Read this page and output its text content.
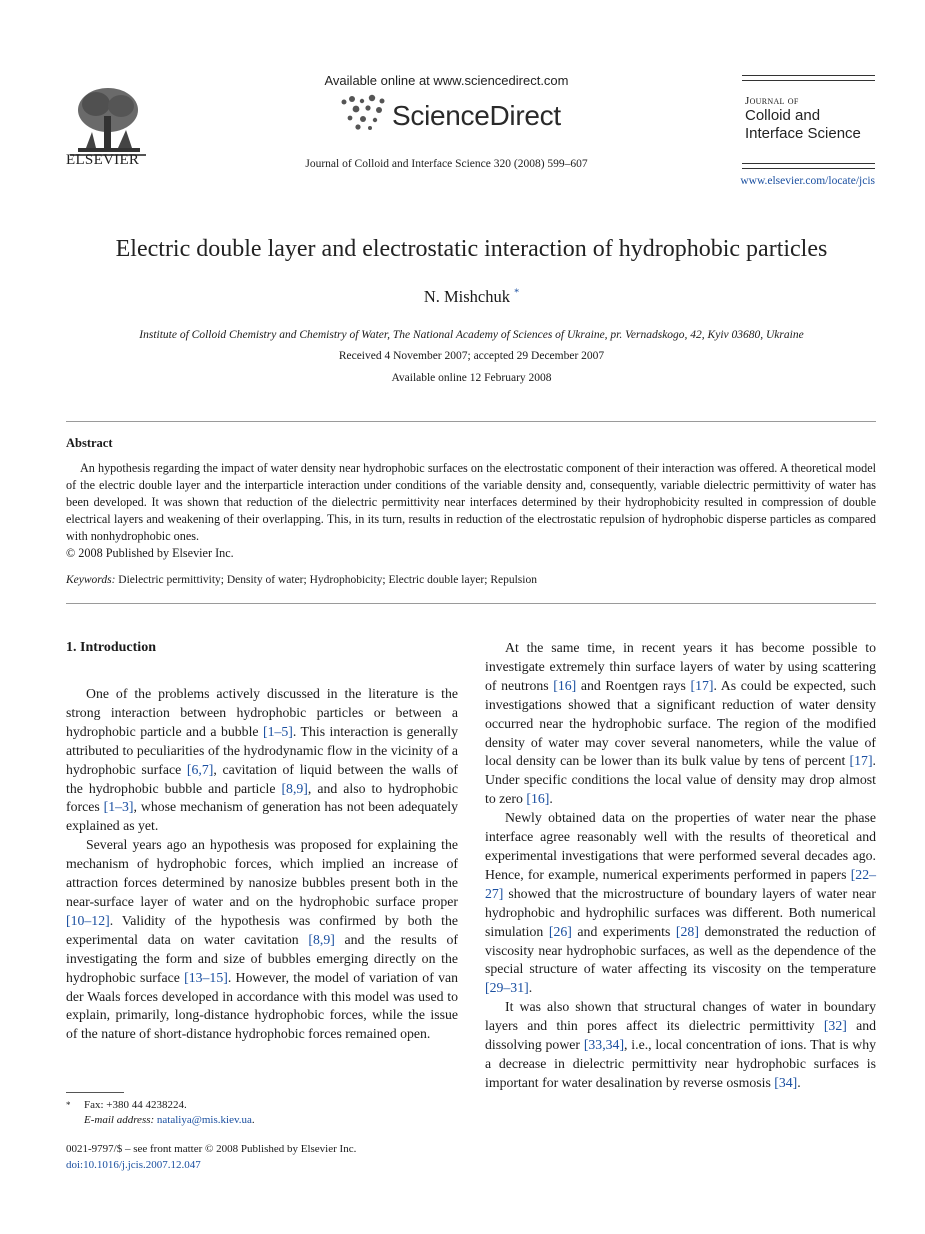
ELSEVIER
Available online at www.sciencedirect.com
ScienceDirect
Journal of Colloid and Interface Science 320 (2008) 599–607
Journal of
Colloid and
Interface Science
www.elsevier.com/locate/jcis
Electric double layer and electrostatic interaction of hydrophobic particles
N. Mishchuk *
Institute of Colloid Chemistry and Chemistry of Water, The National Academy of Sciences of Ukraine, pr. Vernadskogo, 42, Kyiv 03680, Ukraine
Received 4 November 2007; accepted 29 December 2007
Available online 12 February 2008
Abstract

An hypothesis regarding the impact of water density near hydrophobic surfaces on the electrostatic component of their interaction was offered. A theoretical model of the electric double layer and the interparticle interaction under conditions of the variable density and, consequently, variable dielectric permittivity of water has been developed. It was shown that reduction of the dielectric permittivity near interfaces determined by their hydrophobicity resulted in compression of double electrical layers and weakening of their overlapping. This, in its turn, results in reduction of the electrostatic repulsion of hydrophobic disperse particles as compared with nonhydrophobic ones.

© 2008 Published by Elsevier Inc.
Keywords: Dielectric permittivity; Density of water; Hydrophobicity; Electric double layer; Repulsion
1. Introduction

One of the problems actively discussed in the literature is the strong interaction between hydrophobic particles or between a hydrophobic particle and a bubble [1–5]. This interaction is generally attributed to peculiarities of the hydrodynamic flow in the vicinity of a hydrophobic surface [6,7], cavitation of liquid between the walls of the hydrophobic bubble and particle [8,9], and also to hydrophobic forces [1–3], whose mechanism of generation has not been adequately explained as yet.

Several years ago an hypothesis was proposed for explaining the mechanism of hydrophobic forces, which implied an increase of attraction forces determined by nanosize bubbles present both in the near-surface layer of water and on the hydrophobic surface proper [10–12]. Validity of the hypothesis was confirmed by both the experimental data on water cavitation [8,9] and the results of investigating the form and size of bubbles emerging directly on the hydrophobic surface [13–15]. However, the model of variation of van der Waals forces developed in accordance with this model was used to explain, primarily, long-distance hydrophobic forces, while the issue of the nature of short-distance hydrophobic forces remained open.

At the same time, in recent years it has become possible to investigate extremely thin surface layers of water by using scattering of neutrons [16] and Roentgen rays [17]. As could be expected, such investigations showed that a significant reduction of water density occurred near the hydrophobic surface. The region of the modified density of water may cover several nanometers, while the value of local density can be lower than its bulk value by tens of percent [17]. Under specific conditions the local value of density may drop almost to zero [16].

Newly obtained data on the properties of water near the phase interface agree reasonably well with the results of theoretical and experimental investigations that were performed several decades ago. Hence, for example, numerical experiments performed in papers [22–27] showed that the microstructure of boundary layers of water near hydrophobic and hydrophilic surfaces was different. Both numerical simulation [26] and experiments [28] demonstrated the reduction of viscosity near hydrophobic surfaces, as well as the dependence of the special structure of water affecting its viscosity on the temperature [29–31].

It was also shown that structural changes of water in boundary layers and thin pores affect its dielectric permittivity [32] and dissolving power [33,34], i.e., local concentration of ions. That is why a decrease in dielectric permittivity near hydrophobic surfaces is important for water desalination by reverse osmosis [34].

* Fax: +380 44 4238224.
E-mail address: nataliya@mis.kiev.ua.
0021-9797/$ – see front matter © 2008 Published by Elsevier Inc.
doi:10.1016/j.jcis.2007.12.047
